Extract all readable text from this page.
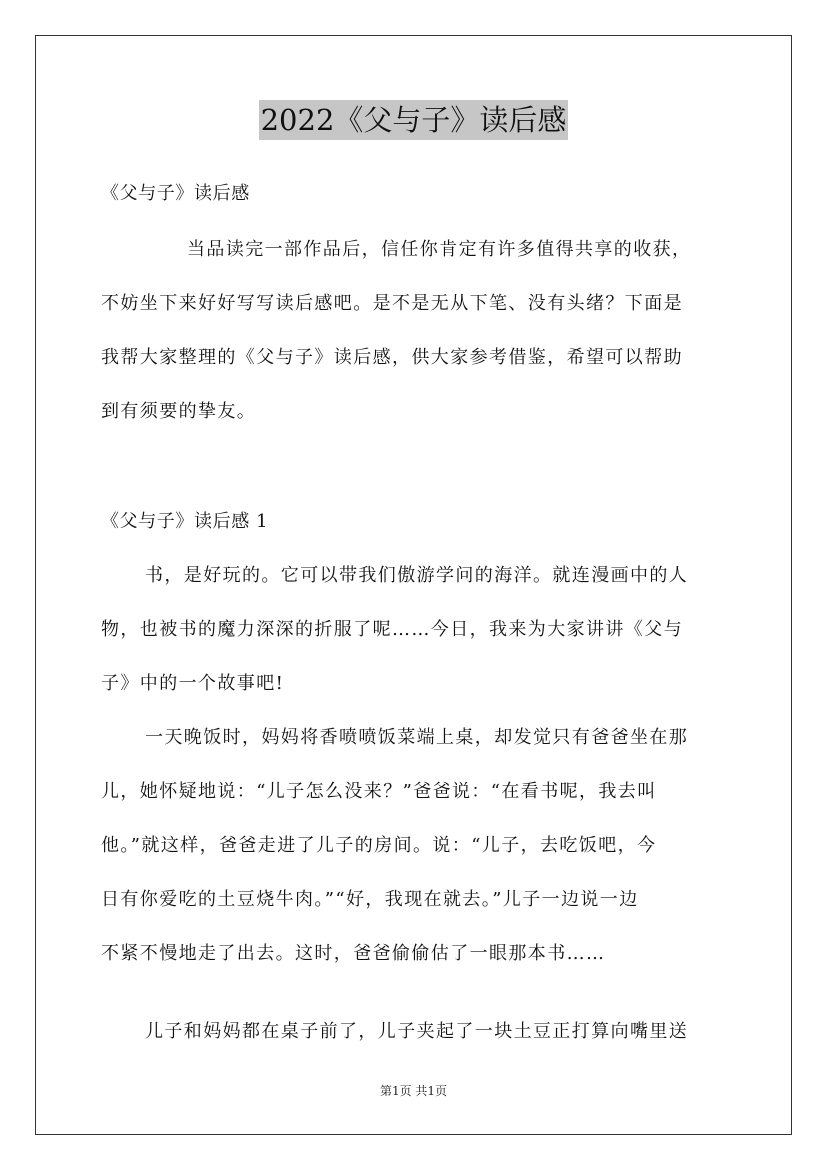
2022《父与子》读后感
《父与子》读后感
当品读完一部作品后，信任你肯定有许多值得共享的收获，
不妨坐下来好好写写读后感吧。是不是无从下笔、没有头绪？下面是
我帮大家整理的《父与子》读后感，供大家参考借鉴，希望可以帮助
到有须要的挚友。
《父与子》读后感 1
书，是好玩的。它可以带我们傲游学问的海洋。就连漫画中的人
物，也被书的魔力深深的折服了呢……今日，我来为大家讲讲《父与
子》中的一个故事吧!
一天晚饭时，妈妈将香喷喷饭菜端上桌，却发觉只有爸爸坐在那
儿，她怀疑地说：“儿子怎么没来？”爸爸说：“在看书呢，我去叫
他。”就这样，爸爸走进了儿子的房间。说：“儿子，去吃饭吧，今
日有你爱吃的土豆烧牛肉。”“好，我现在就去。”儿子一边说一边
不紧不慢地走了出去。这时，爸爸偷偷估了一眼那本书……
儿子和妈妈都在桌子前了，儿子夹起了一块土豆正打算向嘴里送
第1页 共1页
